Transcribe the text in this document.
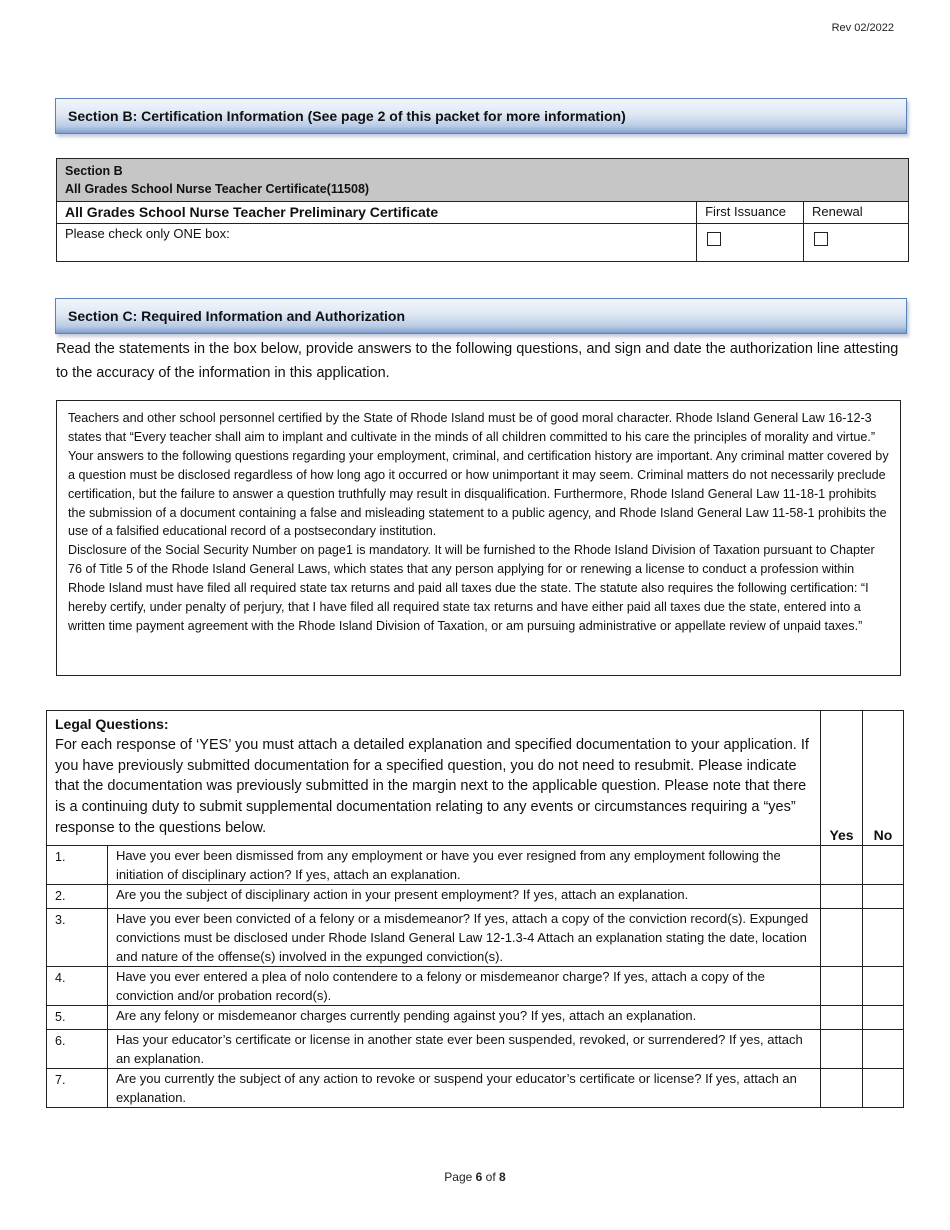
Rev 02/2022
Section B: Certification Information (See page 2 of this packet for more information)
Section B
All Grades School Nurse Teacher Certificate(11508)		

All Grades School Nurse Teacher Preliminary Certificate	First Issuance	Renewal
Please check only ONE box:		
Section C: Required Information and Authorization
Read the statements in the box below, provide answers to the following questions, and sign and date the authorization line attesting to the accuracy of the information in this application.
Teachers and other school personnel certified by the State of Rhode Island must be of good moral character. Rhode Island General Law 16-12-3 states that “Every teacher shall aim to implant and cultivate in the minds of all children committed to his care the principles of morality and virtue.” Your answers to the following questions regarding your employment, criminal, and certification history are important. Any criminal matter covered by a question must be disclosed regardless of how long ago it occurred or how unimportant it may seem. Criminal matters do not necessarily preclude certification, but the failure to answer a question truthfully may result in disqualification. Furthermore, Rhode Island General Law 11-18-1 prohibits the submission of a document containing a false and misleading statement to a public agency, and Rhode Island General Law 11-58-1 prohibits the use of a falsified educational record of a postsecondary institution.
Disclosure of the Social Security Number on page1 is mandatory. It will be furnished to the Rhode Island Division of Taxation pursuant to Chapter 76 of Title 5 of the Rhode Island General Laws, which states that any person applying for or renewing a license to conduct a profession within Rhode Island must have filed all required state tax returns and paid all taxes due the state. The statute also requires the following certification: “I hereby certify, under penalty of perjury, that I have filed all required state tax returns and have either paid all taxes due the state, entered into a written time payment agreement with the Rhode Island Division of Taxation, or am pursuing administrative or appellate review of unpaid taxes.”
Legal Questions:
For each response of ‘YES’ you must attach a detailed explanation and specified documentation to your application. If you have previously submitted documentation for a specified question, you do not need to resubmit. Please indicate that the documentation was previously submitted in the margin next to the applicable question. Please note that there is a continuing duty to submit supplemental documentation relating to any events or circumstances requiring a “yes” response to the questions below.		Yes	No
1.	Have you ever been dismissed from any employment or have you ever resigned from any employment following the initiation of disciplinary action? If yes, attach an explanation.		
2.	Are you the subject of disciplinary action in your present employment? If yes, attach an explanation.		
3.	Have you ever been convicted of a felony or a misdemeanor? If yes, attach a copy of the conviction record(s). Expunged convictions must be disclosed under Rhode Island General Law 12-1.3-4 Attach an explanation stating the date, location and nature of the offense(s) involved in the expunged conviction(s).		
4.	Have you ever entered a plea of nolo contendere to a felony or misdemeanor charge? If yes, attach a copy of the conviction and/or probation record(s).		
5.	Are any felony or misdemeanor charges currently pending against you? If yes, attach an explanation.		
6.	Has your educator’s certificate or license in another state ever been suspended, revoked, or surrendered? If yes, attach an explanation.		
7.	Are you currently the subject of any action to revoke or suspend your educator’s certificate or license? If yes, attach an explanation.		
Page 6 of 8
